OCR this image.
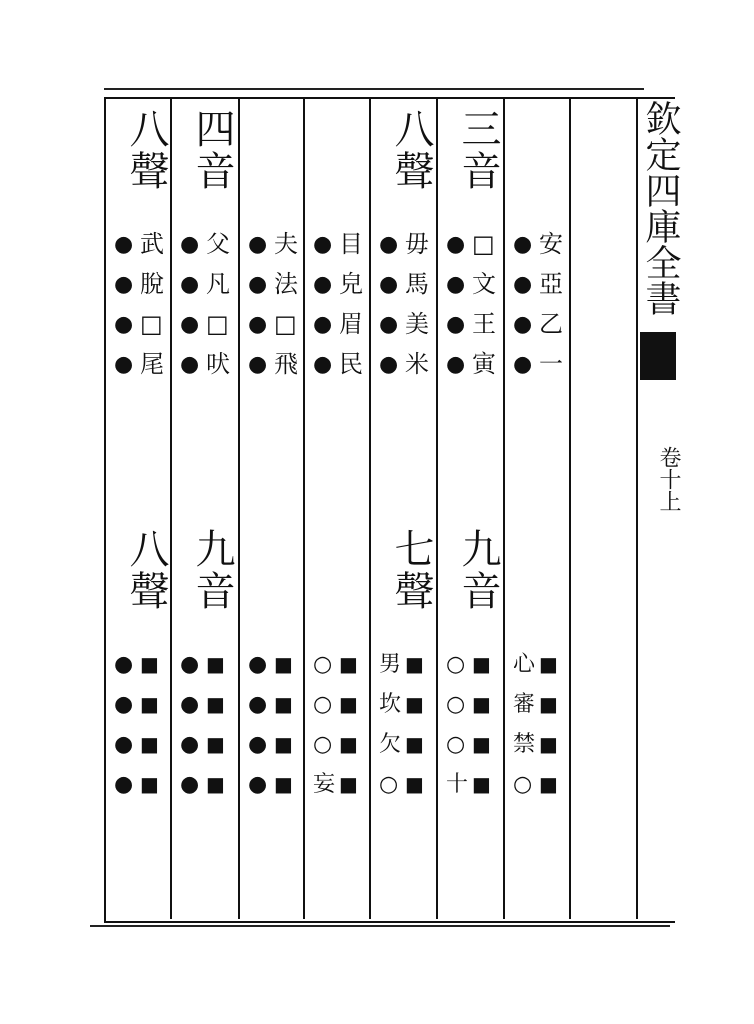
欽定四庫全書
卷十上
八聲 四音	八聲 三音
● 武
● 脫
● □
● 尾
● 父
● 凡
● □
● 吠
● 夫
● 法
● □
● 飛
● 目
● 皃
● 眉
● 民
● 毋
● 馬
● 美
● 米
● □
● 文
● 王
● 寅
● 安
● 亞
● 乙
● 一
八聲 九音	七聲 九音
● ■
● ■
● ■
● ■
● ■
● ■
● ■
● ■
● ■
● ■
● ■
● ■
○ ■
○ ■
○ ■
妄 ■
男 ■
坎 ■
欠 ■
○ ■
○ ■
○ ■
○ ■
十 ■
心 ■
審 ■
禁 ■
○ ■
